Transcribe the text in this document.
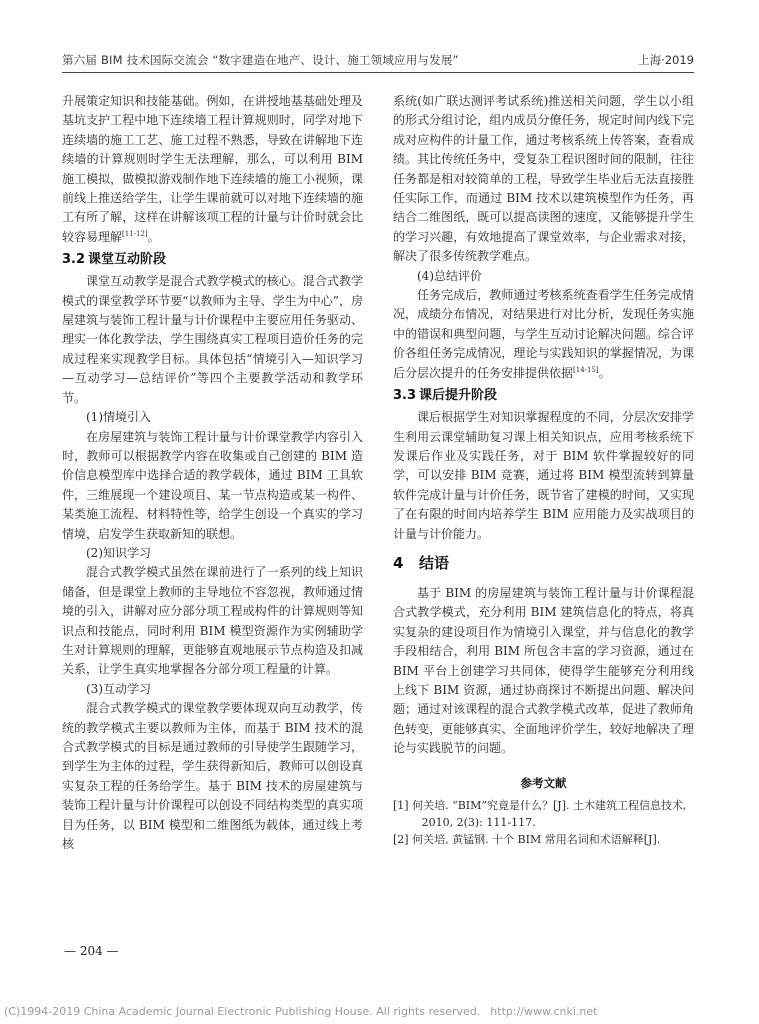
第六届 BIM 技术国际交流会 “数字建造在地产、设计、施工领域应用与发展”	上海·2019

升展策定知识和技能基础。例如，在讲授地基基础处理及基坑支护工程中地下连续墙工程计算规则时，同学对地下连续墙的施工工艺、施工过程不熟悉，导致在讲解地下连续墙的计算规则时学生无法理解，那么，可以利用 BIM 施工模拟，做模拟游戏制作地下连续墙的施工小视频，课前线上推送给学生，让学生课前就可以对地下连续墙的施工有所了解，这样在讲解该项工程的计量与计价时就会比较容易理解[11-12]。

3.2 课堂互动阶段

课堂互动教学是混合式教学模式的核心。混合式教学模式的课堂教学环节要“以教师为主导、学生为中心”，房屋建筑与装饰工程计量与计价课程中主要应用任务驱动、理实一体化教学法，学生围绕真实工程项目造价任务的完成过程来实现教学目标。具体包括“情境引入—知识学习—互动学习—总结评价”等四个主要教学活动和教学环节。

(1)情境引入

在房屋建筑与装饰工程计量与计价课堂教学内容引入时，教师可以根据教学内容在收集或自己创建的 BIM 造价信息模型库中选择合适的教学载体，通过 BIM 工具软件，三维展现一个建设项目、某一节点构造或某一构件、某类施工流程、材料特性等，给学生创设一个真实的学习情境，启发学生获取新知的联想。

(2)知识学习

混合式教学模式虽然在课前进行了一系列的线上知识储备，但是课堂上教师的主导地位不容忽视，教师通过情境的引入，讲解对应分部分项工程或构件的计算规则等知识点和技能点，同时利用 BIM 模型资源作为实例辅助学生对计算规则的理解，更能够直观地展示节点构造及扣减关系，让学生真实地掌握各分部分项工程量的计算。

(3)互动学习

混合式教学模式的课堂教学要体现双向互动教学，传统的教学模式主要以教师为主体，而基于 BIM 技术的混合式教学模式的目标是通过教师的引导使学生跟随学习，到学生为主体的过程，学生获得新知后，教师可以创设真实复杂工程的任务给学生。基于 BIM 技术的房屋建筑与装饰工程计量与计价课程可以创设不同结构类型的真实项目为任务，以 BIM 模型和二维图纸为载体，通过线上考核

系统(如广联达测评考试系统)推送相关问题，学生以小组的形式分组讨论，组内成员分僚任务，规定时间内线下完成对应构件的计量工作，通过考核系统上传答案，查看成绩。其比传统任务中，受复杂工程识图时间的限制，往往任务都是相对较简单的工程，导致学生毕业后无法直接胜任实际工作，而通过 BIM 技术以建筑模型作为任务，再结合二维图纸，既可以提高读图的速度，又能够提升学生的学习兴趣，有效地提高了课堂效率，与企业需求对接，解决了很多传统教学难点。

(4)总结评价

任务完成后，教师通过考核系统查看学生任务完成情况，成绩分布情况，对结果进行对比分析，发现任务实施中的错误和典型问题，与学生互动讨论解决问题。综合评价各组任务完成情况，理论与实践知识的掌握情况，为课后分层次提升的任务安排提供依据[14-15]。

3.3 课后提升阶段

课后根据学生对知识掌握程度的不同，分层次安排学生利用云课堂辅助复习课上相关知识点，应用考核系统下发课后作业及实践任务，对于 BIM 软件掌握较好的同学，可以安排 BIM 竞赛，通过将 BIM 模型流转到算量软件完成计量与计价任务，既节省了建模的时间，又实现了在有限的时间内培养学生 BIM 应用能力及实战项目的计量与计价能力。

4 结语

基于 BIM 的房屋建筑与装饰工程计量与计价课程混合式教学模式，充分利用 BIM 建筑信息化的特点，将真实复杂的建设项目作为情境引入课堂，并与信息化的教学手段相结合，利用 BIM 所包含丰富的学习资源，通过在 BIM 平台上创建学习共同体，使得学生能够充分利用线上线下 BIM 资源，通过协商探讨不断提出问题、解决问题；通过对该课程的混合式教学模式改革，促进了教师角色转变，更能够真实、全面地评价学生，较好地解决了理论与实践脱节的问题。

参考文献

[1] 何关培. “BIM”究竟是什么？[J]. 土木建筑工程信息技术, 2010, 2(3): 111-117.

[2] 何关培, 黄锰钢. 十个 BIM 常用名词和术语解释[J].

— 204 —
(C)1994-2019 China Academic Journal Electronic Publishing House. All rights reserved. http://www.cnki.net
